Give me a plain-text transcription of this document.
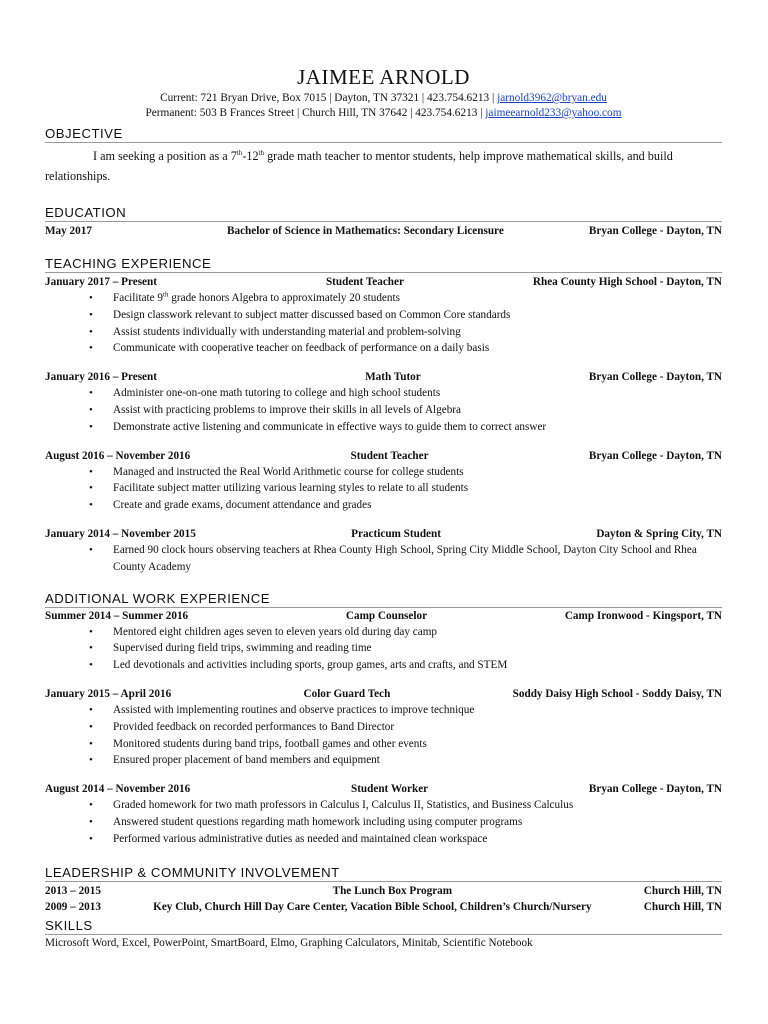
JAIMEE ARNOLD
Current: 721 Bryan Drive, Box 7015 | Dayton, TN 37321 | 423.754.6213 | jarnold3962@bryan.edu
Permanent: 503 B Frances Street | Church Hill, TN 37642 | 423.754.6213 | jaimeearnold233@yahoo.com
OBJECTIVE
I am seeking a position as a 7th-12th grade math teacher to mentor students, help improve mathematical skills, and build relationships.
EDUCATION
May 2017	Bachelor of Science in Mathematics: Secondary Licensure	Bryan College - Dayton, TN
TEACHING EXPERIENCE
January 2017 – Present	Student Teacher	Rhea County High School - Dayton, TN
• Facilitate 9th grade honors Algebra to approximately 20 students
• Design classwork relevant to subject matter discussed based on Common Core standards
• Assist students individually with understanding material and problem-solving
• Communicate with cooperative teacher on feedback of performance on a daily basis
January 2016 – Present	Math Tutor	Bryan College - Dayton, TN
• Administer one-on-one math tutoring to college and high school students
• Assist with practicing problems to improve their skills in all levels of Algebra
• Demonstrate active listening and communicate in effective ways to guide them to correct answer
August 2016 – November 2016	Student Teacher	Bryan College - Dayton, TN
• Managed and instructed the Real World Arithmetic course for college students
• Facilitate subject matter utilizing various learning styles to relate to all students
• Create and grade exams, document attendance and grades
January 2014 – November 2015	Practicum Student	Dayton & Spring City, TN
• Earned 90 clock hours observing teachers at Rhea County High School, Spring City Middle School, Dayton City School and Rhea County Academy
ADDITIONAL WORK EXPERIENCE
Summer 2014 – Summer 2016	Camp Counselor	Camp Ironwood - Kingsport, TN
• Mentored eight children ages seven to eleven years old during day camp
• Supervised during field trips, swimming and reading time
• Led devotionals and activities including sports, group games, arts and crafts, and STEM
January 2015 – April 2016	Color Guard Tech	Soddy Daisy High School - Soddy Daisy, TN
• Assisted with implementing routines and observe practices to improve technique
• Provided feedback on recorded performances to Band Director
• Monitored students during band trips, football games and other events
• Ensured proper placement of band members and equipment
August 2014 – November 2016	Student Worker	Bryan College - Dayton, TN
• Graded homework for two math professors in Calculus I, Calculus II, Statistics, and Business Calculus
• Answered student questions regarding math homework including using computer programs
• Performed various administrative duties as needed and maintained clean workspace
LEADERSHIP & COMMUNITY INVOLVEMENT
2013 – 2015	The Lunch Box Program	Church Hill, TN
2009 – 2013	Key Club, Church Hill Day Care Center, Vacation Bible School, Children’s Church/Nursery	Church Hill, TN
SKILLS
Microsoft Word, Excel, PowerPoint, SmartBoard, Elmo, Graphing Calculators, Minitab, Scientific Notebook
